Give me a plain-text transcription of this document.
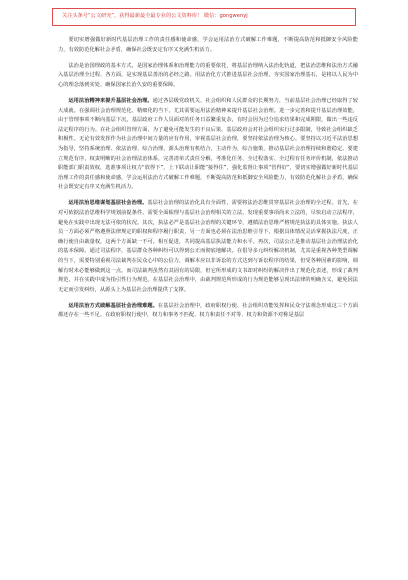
关注头条号“公文研究”，获得最新最全最专业的公文资料库！ 微信：gongwenyj

要切实增强做好新时代基层治理工作的责任感和使命感，学会运用法治方式破解工作难题，不断提高防范和抵御安全风险能力，有效防范化解社会矛盾，确保社会既安定有序又充满生机活力。

法治是治国理政的基本方式，是国家治理体系和治理能力的重要依托，将基层治理纳入法治化轨道，把法治思维和法治方式融入基层治理全过程、各方面，是实现基层善治的必经之路。用法治化方式推进基层社会治理，夯实国家治理基石，是将以人民为中心的理念落到实处、确保国家长治久安的重要保障。

运用法治精神来提升基层社会治理。通过各层级党政机关、社会组织和人民群众的长期努力，当前基层社会治理已经取得了较大成就。在强调社会治理规范化、精细化的当下，尤其需要运用法治精神来提升基层社会治理。进一步完善和提升基层治理效能，由于管理事项不断向基层下沉，基层政府工作人员面对的任务日益繁重复杂，有时会因为过分追求结果和完成期限，做出一些违反法定程序的行为。在社会组织管理方面，为了避免可能发生的不良后果，基层政府会对社会组织实行过多限制，导致社会组织缺乏积极性。无论有效发挥作为社会治理中间力量的应有作用，审视基层社会治理，要坚持依法治理为核心。要坚持以习近平法治思想为指导，坚持系统治理、依法治理、综合治理、源头治理有机结合，主动作为，综合施策，推动基层社会治理持续和谐稳定。要建立规范有序、权责明晰的社会治理法治体系，完善清单式责任分解，考准化任务，全过程落实、全过程有任务评价机制，依法推动职能部门职责效权，选准事项让权力“放得下”，上下联动让职能“接得住”，强化监督让事项“管得好”，要切实增强做好新时代基层治理工作的责任感和使命感，学会运用法治方式破解工作难题，不断提高防范和抵御安全风险能力，有效防范化解社会矛盾，确保社会既安定有序又充满生机活力。

运用法治思维谋划基层社会治理。基层社会治理的法治化具有全面性，需要将法治思维贯穿基层社会治理的全过程。首先，在对可依据法治思维科学规划前提条件。需要全面梳理与基层社会治理相关的立法，发现重要事项尚未立法的，尽快启动立法程序，避免在实践中出现无法可依的状况。其次，执法必严是基层社会治理的关键环节，遵循法治思维严格规范执法的具体实施。执法人员一方面必须严格遵照法律规定的职权和程序履行职责，另一方面也必须在法治思维引导下，根据具体情况灵活掌握执法尺度，正确行使自由裁量权，这两个方面缺一不可。相互促进，共同提高基层执法能力和水平。再次，司法公正是推动基层社会治理法治化的基本保障。通过司法程序，基层群众各种纠纷可以得到公正而彻底地解决。在倡导多元纠纷解决机制，尤其是重视各种类型调解的当下，需要特别重视司法裁判在民众心中的公信力，调解本应以非诉讼的方式达到与诉讼程序的结果，但受各种因素的影响，调解有时未必能够做到这一点。而司法裁判虽然有其固有的局限，但它所形成的文书却对纠纷的解决作出了规范化表述，形成了裁判规范，并在实践中成为指引性行为规范。在基层社会治理中，由裁判规范所形成的行为规范能够呈现出法律的明确含义，避免因法无定而引发纠纷，从源头上为基层社会治理提供了支撑。

运用法治方式破解基层社会治理难题。在基层社会治理中，政府职权行使、社会组织功能发挥和民众守法观念形成这三个方面都还存在一些不足。在政府职权行使中，权力和事务不匹配、权力和责任不对等、权力和资源不对称是基层
